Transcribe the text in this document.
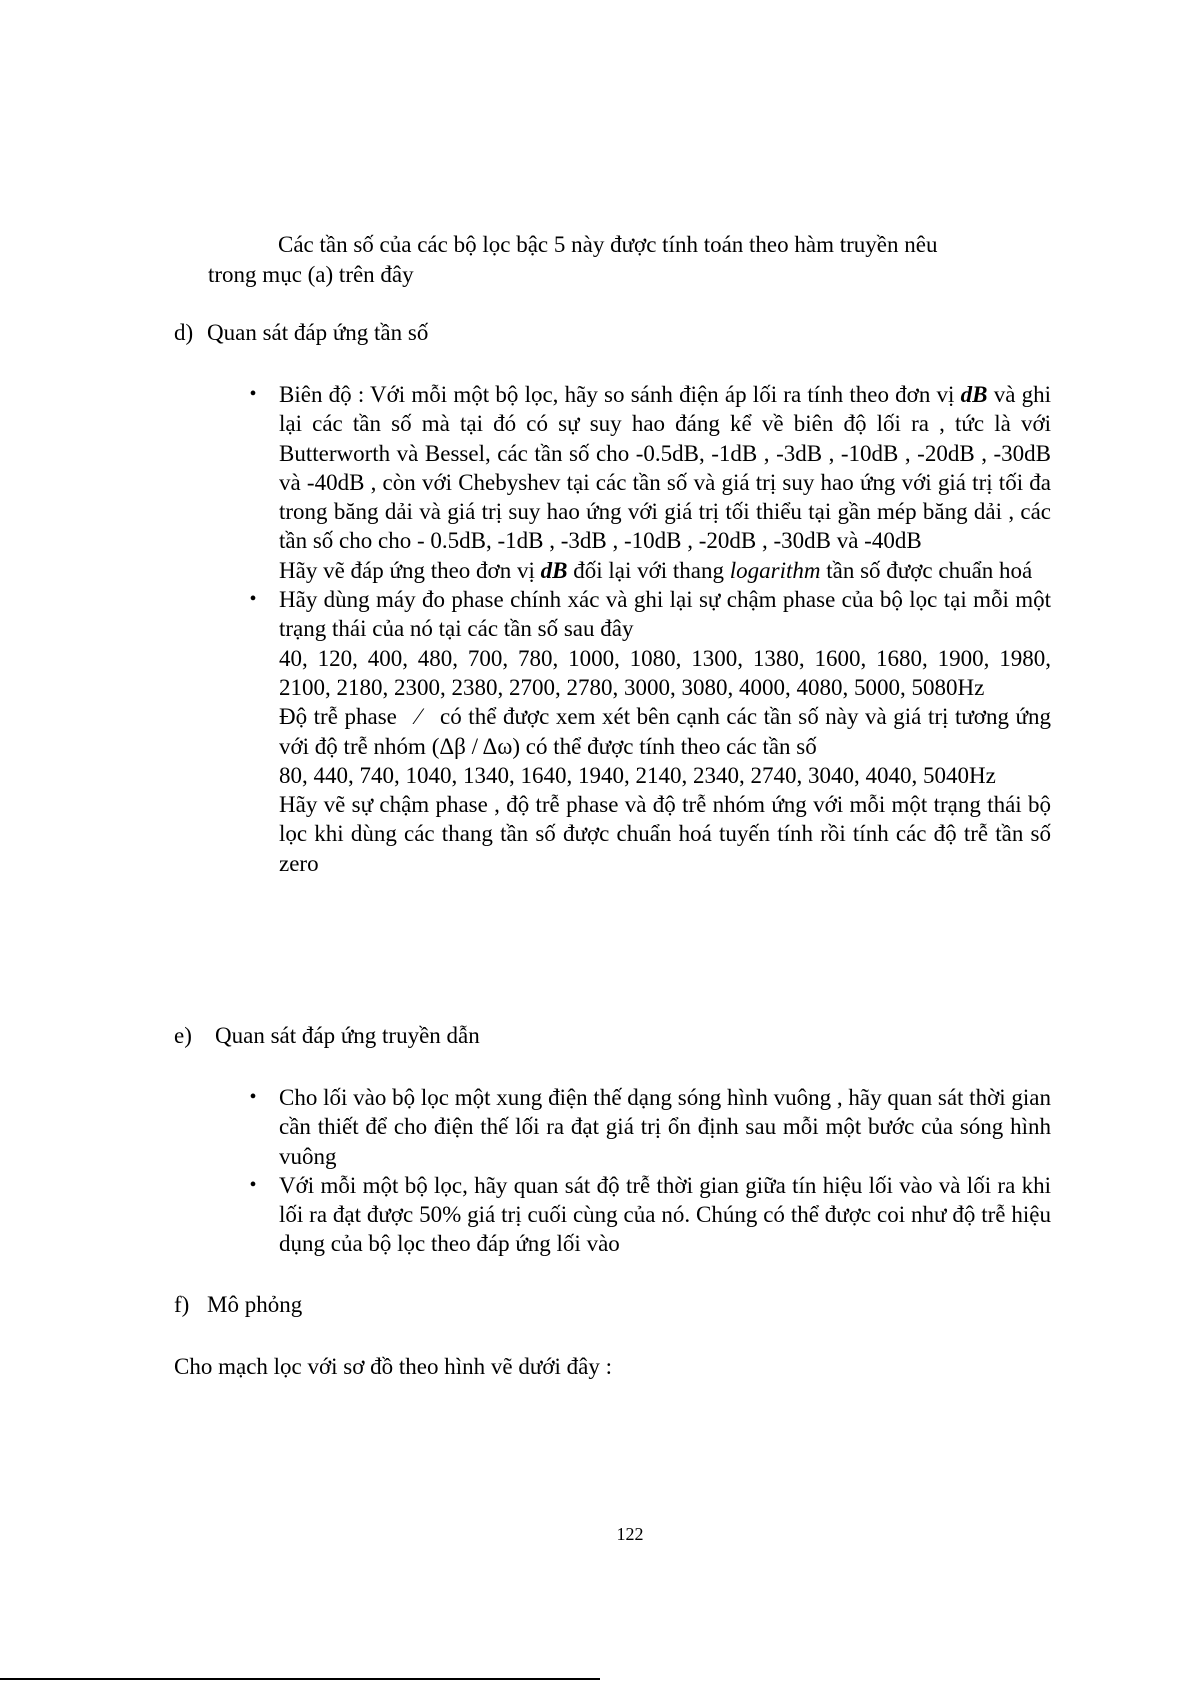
Các tần số của các bộ lọc bậc 5 này được tính toán theo hàm truyền nêu
trong mục (a) trên đây
d) Quan sát đáp ứng tần số
• Biên độ : Với mỗi một bộ lọc, hãy so sánh điện áp lối ra tính theo đơn vị dB và ghi lại các tần số mà tại đó có sự suy hao đáng kể về biên độ lối ra , tức là với Butterworth và Bessel, các tần số cho -0.5dB, -1dB , -3dB , -10dB , -20dB , -30dB và -40dB , còn với Chebyshev tại các tần số và giá trị suy hao ứng với giá trị tối đa trong băng dải và giá trị suy hao ứng với giá trị tối thiểu tại gần mép băng dải , các tần số cho cho - 0.5dB, -1dB , -3dB , -10dB , -20dB , -30dB và -40dB
Hãy vẽ đáp ứng theo đơn vị dB đối lại với thang logarithm tần số được chuẩn hoá
• Hãy dùng máy đo phase chính xác và ghi lại sự chậm phase của bộ lọc tại mỗi một trạng thái của nó tại các tần số sau đây
40, 120, 400, 480, 700, 780, 1000, 1080, 1300, 1380, 1600, 1680, 1900, 1980, 2100, 2180, 2300, 2380, 2700, 2780, 3000, 3080, 4000, 4080, 5000, 5080Hz
Độ trễ phase ⁄ có thể được xem xét bên cạnh các tần số này và giá trị tương ứng với độ trễ nhóm (Δβ / Δω) có thể được tính theo các tần số
80, 440, 740, 1040, 1340, 1640, 1940, 2140, 2340, 2740, 3040, 4040, 5040Hz
Hãy vẽ sự chậm phase , độ trễ phase và độ trễ nhóm ứng với mỗi một trạng thái bộ lọc khi dùng các thang tần số được chuẩn hoá tuyến tính rồi tính các độ trễ tần số zero
e) Quan sát đáp ứng truyền dẫn
• Cho lối vào bộ lọc một xung điện thế dạng sóng hình vuông , hãy quan sát thời gian cần thiết để cho điện thế lối ra đạt giá trị ổn định sau mỗi một bước của sóng hình vuông
• Với mỗi một bộ lọc, hãy quan sát độ trễ thời gian giữa tín hiệu lối vào và lối ra khi lối ra đạt được 50% giá trị cuối cùng của nó. Chúng có thể được coi như độ trễ hiệu dụng của bộ lọc theo đáp ứng lối vào
f) Mô phỏng
Cho mạch lọc với sơ đồ theo hình vẽ dưới đây :
122
